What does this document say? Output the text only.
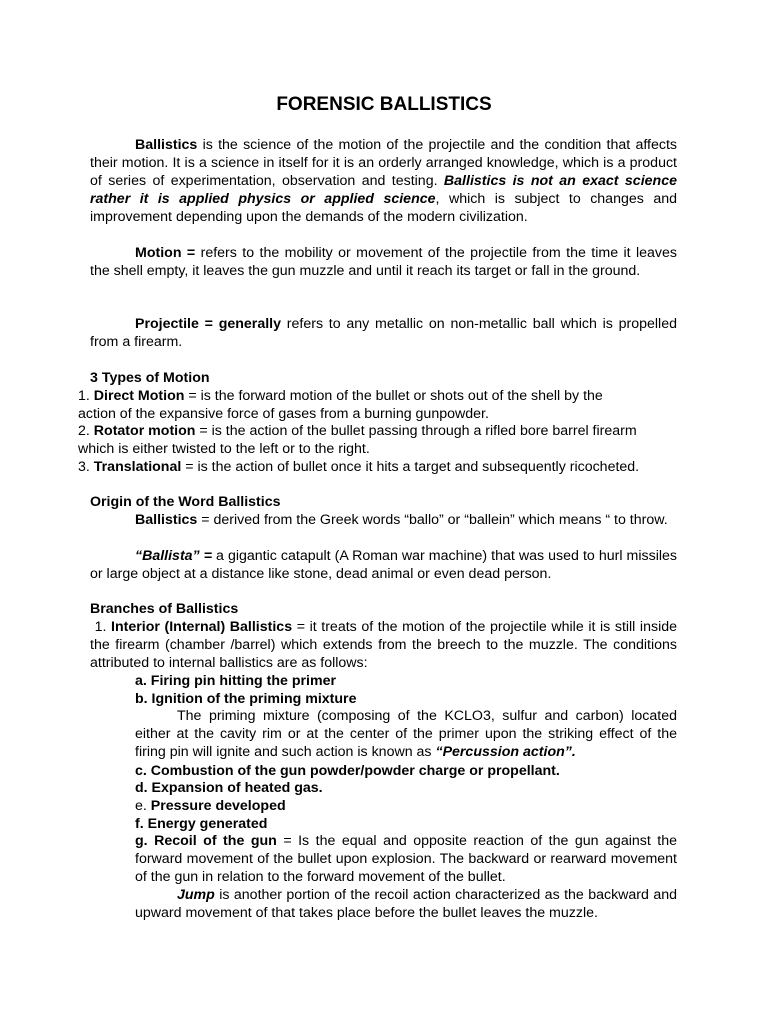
FORENSIC BALLISTICS
Ballistics is the science of the motion of the projectile and the condition that affects their motion. It is a science in itself for it is an orderly arranged knowledge, which is a product of series of experimentation, observation and testing. Ballistics is not an exact science rather it is applied physics or applied science, which is subject to changes and improvement depending upon the demands of the modern civilization.
Motion = refers to the mobility or movement of the projectile from the time it leaves the shell empty, it leaves the gun muzzle and until it reach its target or fall in the ground.
Projectile = generally refers to any metallic on non-metallic ball which is propelled from a firearm.
3 Types of Motion
1. Direct Motion = is the forward motion of the bullet or shots out of the shell by the
action of the expansive force of gases from a burning gunpowder.
2. Rotator motion = is the action of the bullet passing through a rifled bore barrel firearm
which is either twisted to the left or to the right.
3. Translational = is the action of bullet once it hits a target and subsequently ricocheted.
Origin of the Word Ballistics
Ballistics = derived from the Greek words “ballo” or “ballein” which means “ to throw.
“Ballista” = a gigantic catapult (A Roman war machine) that was used to hurl missiles or large object at a distance like stone, dead animal or even dead person.
Branches of Ballistics
1. Interior (Internal) Ballistics = it treats of the motion of the projectile while it is still inside the firearm (chamber /barrel) which extends from the breech to the muzzle. The conditions attributed to internal ballistics are as follows:
a. Firing pin hitting the primer
b. Ignition of the priming mixture
The priming mixture (composing of the KCLO3, sulfur and carbon) located either at the cavity rim or at the center of the primer upon the striking effect of the firing pin will ignite and such action is known as “Percussion action”.
c. Combustion of the gun powder/powder charge or propellant.
d. Expansion of heated gas.
e. Pressure developed
f. Energy generated
g. Recoil of the gun = Is the equal and opposite reaction of the gun against the forward movement of the bullet upon explosion. The backward or rearward movement of the gun in relation to the forward movement of the bullet.
Jump is another portion of the recoil action characterized as the backward and upward movement of that takes place before the bullet leaves the muzzle.
